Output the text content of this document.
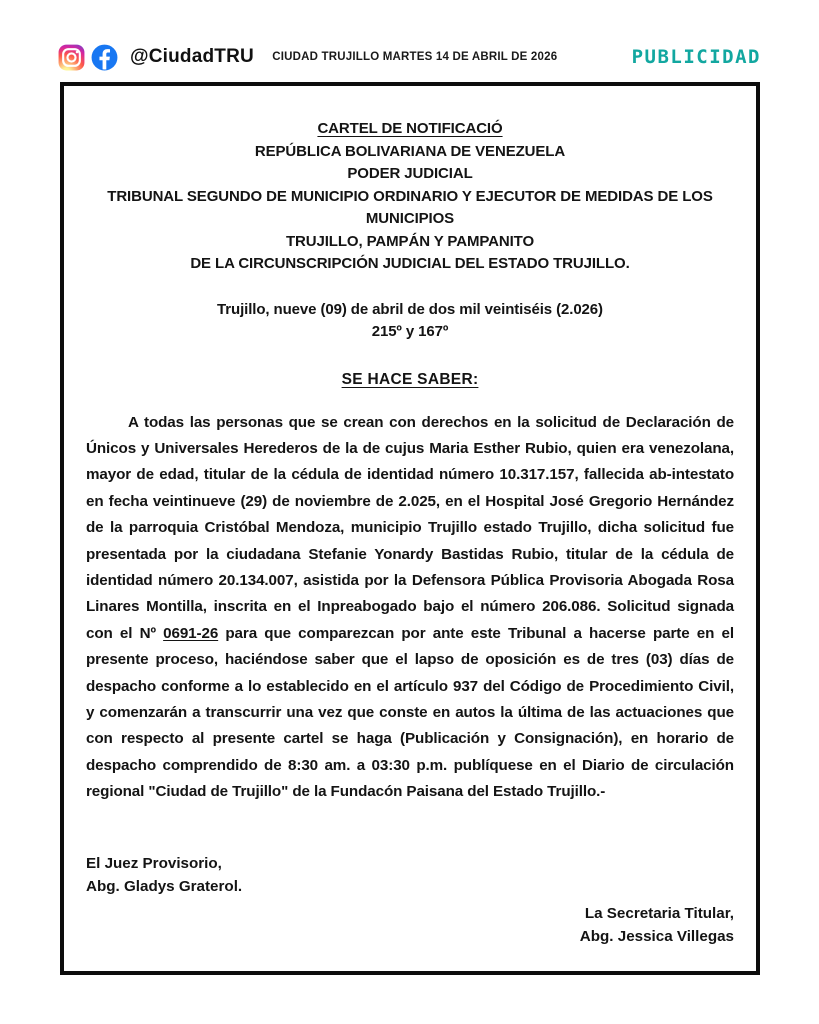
@CiudadTRU CIUDAD TRUJILLO MARTES 14 DE ABRIL DE 2026	PUBLICIDAD
CARTEL DE NOTIFICACIÓ
REPÚBLICA BOLIVARIANA DE VENEZUELA
PODER JUDICIAL
TRIBUNAL SEGUNDO DE MUNICIPIO ORDINARIO Y EJECUTOR DE MEDIDAS DE LOS MUNICIPIOS
TRUJILLO, PAMPÁN Y PAMPANITO
DE LA CIRCUNSCRIPCIÓN JUDICIAL DEL ESTADO TRUJILLO.
Trujillo, nueve (09) de abril de dos mil veintiséis (2.026)
215º y 167º
SE HACE SABER:

A todas las personas que se crean con derechos en la solicitud de Declaración de Únicos y Universales Herederos de la de cujus Maria Esther Rubio, quien era venezolana, mayor de edad, titular de la cédula de identidad número 10.317.157, fallecida ab-intestato en fecha veintinueve (29) de noviembre de 2.025, en el Hospital José Gregorio Hernández de la parroquia Cristóbal Mendoza, municipio Trujillo estado Trujillo, dicha solicitud fue presentada por la ciudadana Stefanie Yonardy Bastidas Rubio, titular de la cédula de identidad número 20.134.007, asistida por la Defensora Pública Provisoria Abogada Rosa Linares Montilla, inscrita en el Inpreabogado bajo el número 206.086. Solicitud signada con el Nº 0691-26 para que comparezcan por ante este Tribunal a hacerse parte en el presente proceso, haciéndose saber que el lapso de oposición es de tres (03) días de despacho conforme a lo establecido en el artículo 937 del Código de Procedimiento Civil, y comenzarán a transcurrir una vez que conste en autos la última de las actuaciones que con respecto al presente cartel se haga (Publicación y Consignación), en horario de despacho comprendido de 8:30 am. a 03:30 p.m. publíquese en el Diario de circulación regional "Ciudad de Trujillo" de la Fundacón Paisana del Estado Trujillo.-

El Juez Provisorio,
Abg. Gladys Graterol.
La Secretaria Titular,
Abg. Jessica Villegas
